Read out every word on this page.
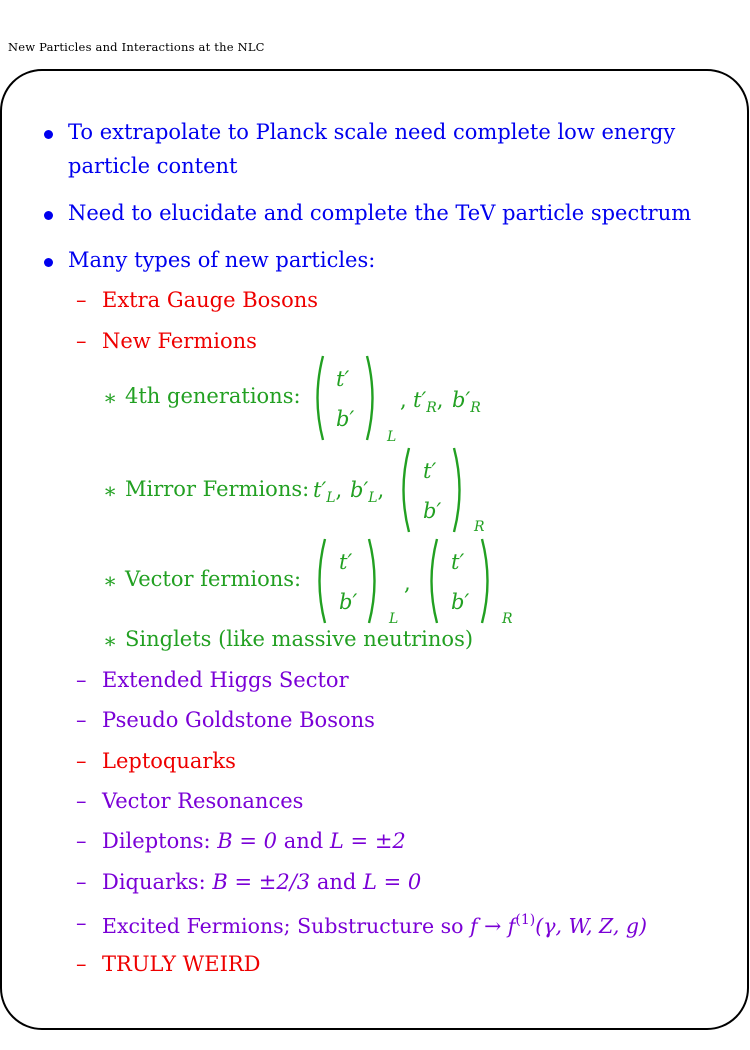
New Particles and Interactions at the NLC
To extrapolate to Planck scale need complete low energy
particle content
Need to elucidate and complete the TeV particle spectrum
Many types of new particles:
– Extra Gauge Bosons
– New Fermions
∗ 4th generations:
t′
b′
L
, $t'_R$, $b'_R$
∗ Mirror Fermions: $t'_L$, $b'_L$,
t′
b′
R
∗ Vector fermions:
t′
b′
L
,
t′
b′
R
∗ Singlets (like massive neutrinos)
– Extended Higgs Sector
– Pseudo Goldstone Bosons
– Leptoquarks
– Vector Resonances
– Dileptons: B = 0 and L = ±2
– Diquarks: B = ±2/3 and L = 0
– Excited Fermions; Substructure so $f \to f^{(1)}(\gamma$, W, Z, g)
– TRULY WEIRD
